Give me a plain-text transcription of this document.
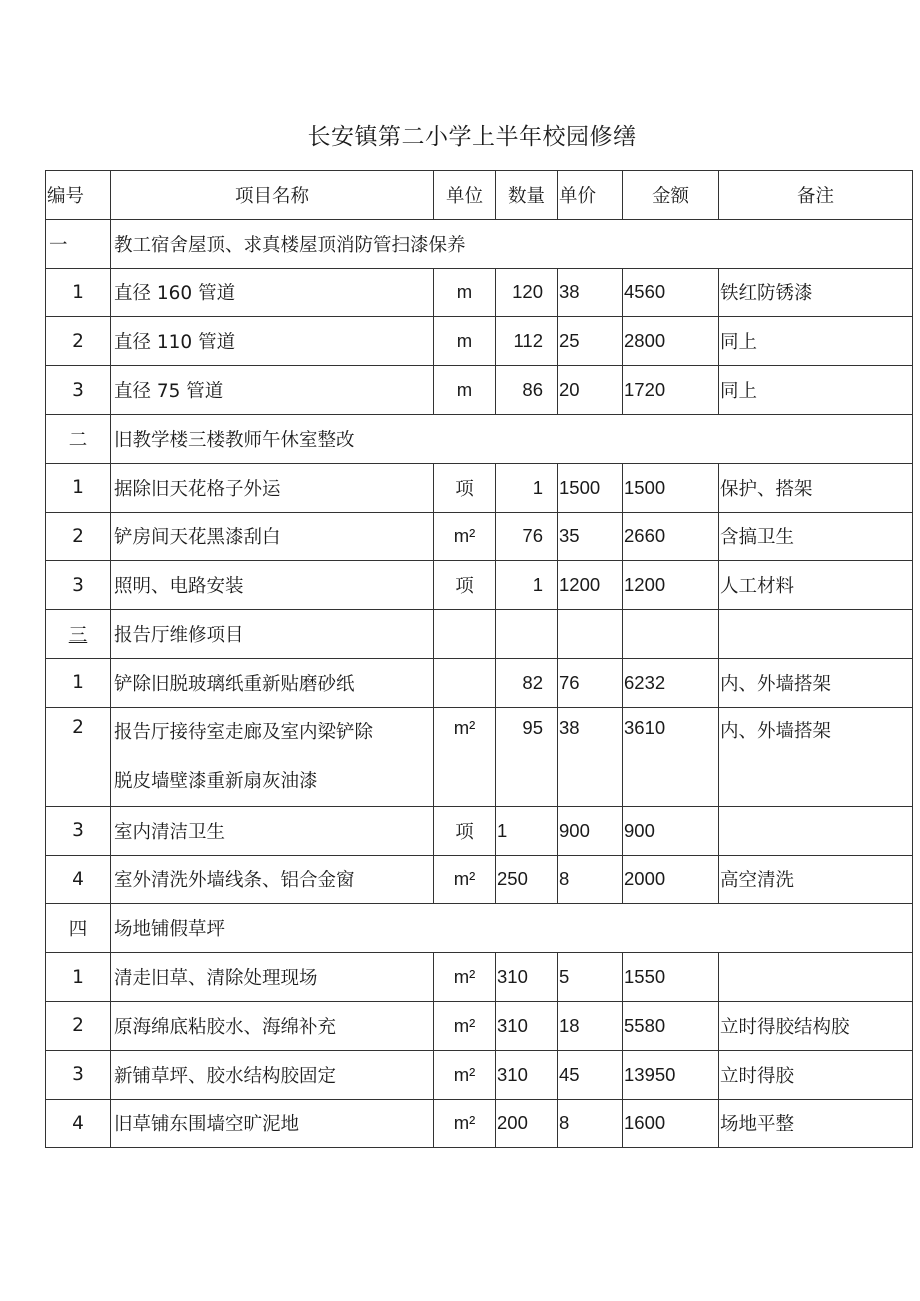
长安镇第二小学上半年校园修缮
编号	项目名称	单位	数量	单价	金额	备注
一	教工宿舍屋顶、求真楼屋顶消防管扫漆保养					
1	直径 160 管道	m	120	38	4560	铁红防锈漆
2	直径 110 管道	m	112	25	2800	同上
3	直径 75 管道	m	86	20	1720	同上
二	旧教学楼三楼教师午休室整改					
1	据除旧天花格子外运	项	1	1500	1500	保护、搭架
2	铲房间天花黑漆刮白	m²	76	35	2660	含搞卫生
3	照明、电路安装	项	1	1200	1200	人工材料
三	报告厅维修项目					
1	铲除旧脱玻璃纸重新贴磨砂纸		82	76	6232	内、外墙搭架

2	报告厅接待室走廊及室内梁铲除
脱皮墙壁漆重新扇灰油漆	m²	95	38	3610	内、外墙搭架

3	室内清洁卫生	项	1	900	900	
4	室外清洗外墙线条、铝合金窗	m²	250	8	2000	高空清洗
四	场地铺假草坪					
1	清走旧草、清除处理现场	m²	310	5	1550	
2	原海绵底粘胶水、海绵补充	m²	310	18	5580	立时得胶结构胶
3	新铺草坪、胶水结构胶固定	m²	310	45	13950	立时得胶
4	旧草铺东围墙空旷泥地	m²	200	8	1600	场地平整
